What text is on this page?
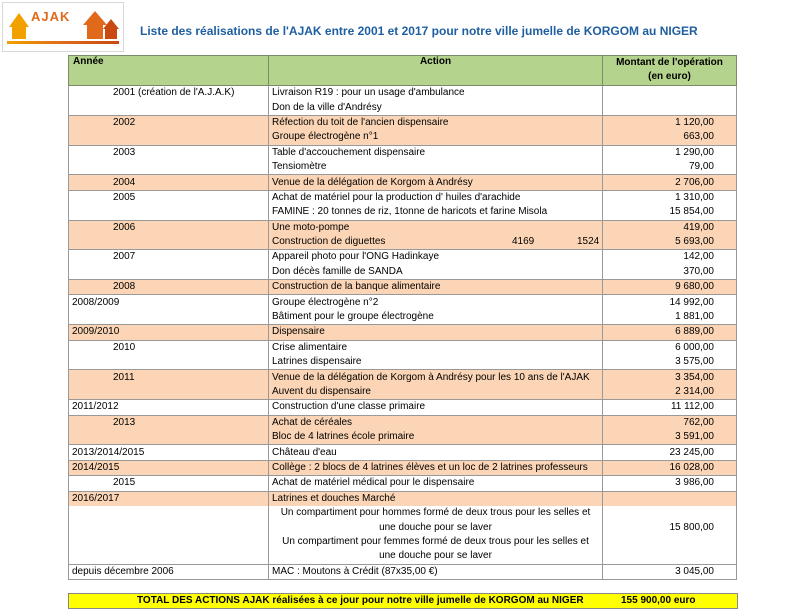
AJAK
Liste des réalisations de l'AJAK entre 2001 et 2017 pour notre ville jumelle de KORGOM au NIGER
Année	Action	Montant de l'opération
(en euro)

2001 (création de l'A.J.A.K)	Livraison R19 : pour un usage d'ambulance	
	Don de la ville d'Andrésy	
2002	Réfection du toit de l'ancien dispensaire	1 120,00
	Groupe électrogène n°1	663,00
2003	Table d'accouchement dispensaire	1 290,00
	Tensiomètre	79,00
2004	Venue de la délégation de Korgom à Andrésy	2 706,00
2005	Achat de matériel pour la production d' huiles d'arachide	1 310,00
	FAMINE : 20 tonnes de riz, 1tonne de haricots et farine Misola	15 854,00
2006	Une moto-pompe	419,00
	Construction de diguettes 4169 1524	5 693,00
2007	Appareil photo pour l'ONG Hadinkaye	142,00
	Don décès famille de SANDA	370,00
2008	Construction de la banque alimentaire	9 680,00
2008/2009	Groupe électrogène n°2	14 992,00
	Bâtiment pour le groupe électrogène	1 881,00
2009/2010	Dispensaire	6 889,00
2010	Crise alimentaire	6 000,00
	Latrines dispensaire	3 575,00
2011	Venue de la délégation de Korgom à Andrésy pour les 10 ans de l'AJAK	3 354,00
	Auvent du dispensaire	2 314,00
2011/2012	Construction d'une classe primaire	11 112,00
2013	Achat de céréales	762,00
	Bloc de 4 latrines école primaire	3 591,00
2013/2014/2015	Château d'eau	23 245,00
2014/2015	Collège : 2 blocs de 4 latrines élèves et un loc de 2 latrines professeurs	16 028,00
2015	Achat de matériel médical pour le dispensaire	3 986,00
2016/2017	Latrines et douches Marché	
	Un compartiment pour hommes formé de deux trous pour les selles et	
	une douche pour se laver	15 800,00
	Un compartiment pour femmes formé de deux trous pour les selles et	
	une douche pour se laver	
depuis décembre 2006	MAC : Moutons à Crédit (87x35,00 €)	3 045,00
TOTAL DES ACTIONS AJAK réalisées à ce jour pour notre ville jumelle de KORGOM au NIGER	155 900,00 euro
